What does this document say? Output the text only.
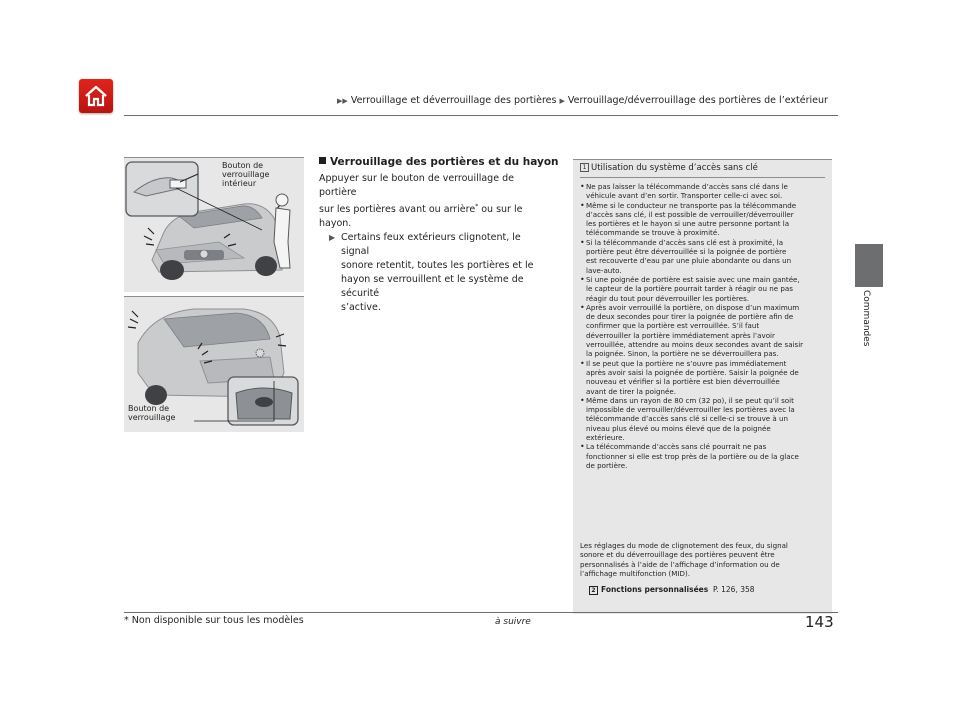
▶▶ Verrouillage et déverrouillage des portières ▶ Verrouillage/déverrouillage des portières de l’extérieur
Commandes
Bouton de
verrouillage
intérieur
Bouton de
verrouillage
Verrouillage des portières et du hayon

Appuyer sur le bouton de verrouillage de portière

sur les portières avant ou arrière* ou sur le hayon.

▶ Certains feux extérieurs clignotent, le signal

sonore retentit, toutes les portières et le

hayon se verrouillent et le système de sécurité

s’active.

1 Utilisation du système d’accès sans clé
• Ne pas laisser la télécommande d’accès sans clé dans le
véhicule avant d’en sortir. Transporter celle-ci avec soi.
• Même si le conducteur ne transporte pas la télécommande
d’accès sans clé, il est possible de verrouiller/déverrouiller
les portières et le hayon si une autre personne portant la
télécommande se trouve à proximité.
• Si la télécommande d’accès sans clé est à proximité, la
portière peut être déverrouillée si la poignée de portière
est recouverte d’eau par une pluie abondante ou dans un
lave-auto.
• Si une poignée de portière est saisie avec une main gantée,
le capteur de la portière pourrait tarder à réagir ou ne pas
réagir du tout pour déverrouiller les portières.
• Après avoir verrouillé la portière, on dispose d’un maximum
de deux secondes pour tirer la poignée de portière afin de
confirmer que la portière est verrouillée. S’il faut
déverrouiller la portière immédiatement après l’avoir
verrouillée, attendre au moins deux secondes avant de saisir
la poignée. Sinon, la portière ne se déverrouillera pas.
• Il se peut que la portière ne s’ouvre pas immédiatement
après avoir saisi la poignée de portière. Saisir la poignée de
nouveau et vérifier si la portière est bien déverrouillée
avant de tirer la poignée.
• Même dans un rayon de 80 cm (32 po), il se peut qu’il soit
impossible de verrouiller/déverrouiller les portières avec la
télécommande d’accès sans clé si celle-ci se trouve à un
niveau plus élevé ou moins élevé que de la poignée
extérieure.
• La télécommande d’accès sans clé pourrait ne pas
fonctionner si elle est trop près de la portière ou de la glace
de portière.
Les réglages du mode de clignotement des feux, du signal
sonore et du déverrouillage des portières peuvent être
personnalisés à l’aide de l’affichage d’information ou de
l’affichage multifonction (MID).
2 Fonctions personnalisées P. 126, 358
* Non disponible sur tous les modèles	à suivre	143
